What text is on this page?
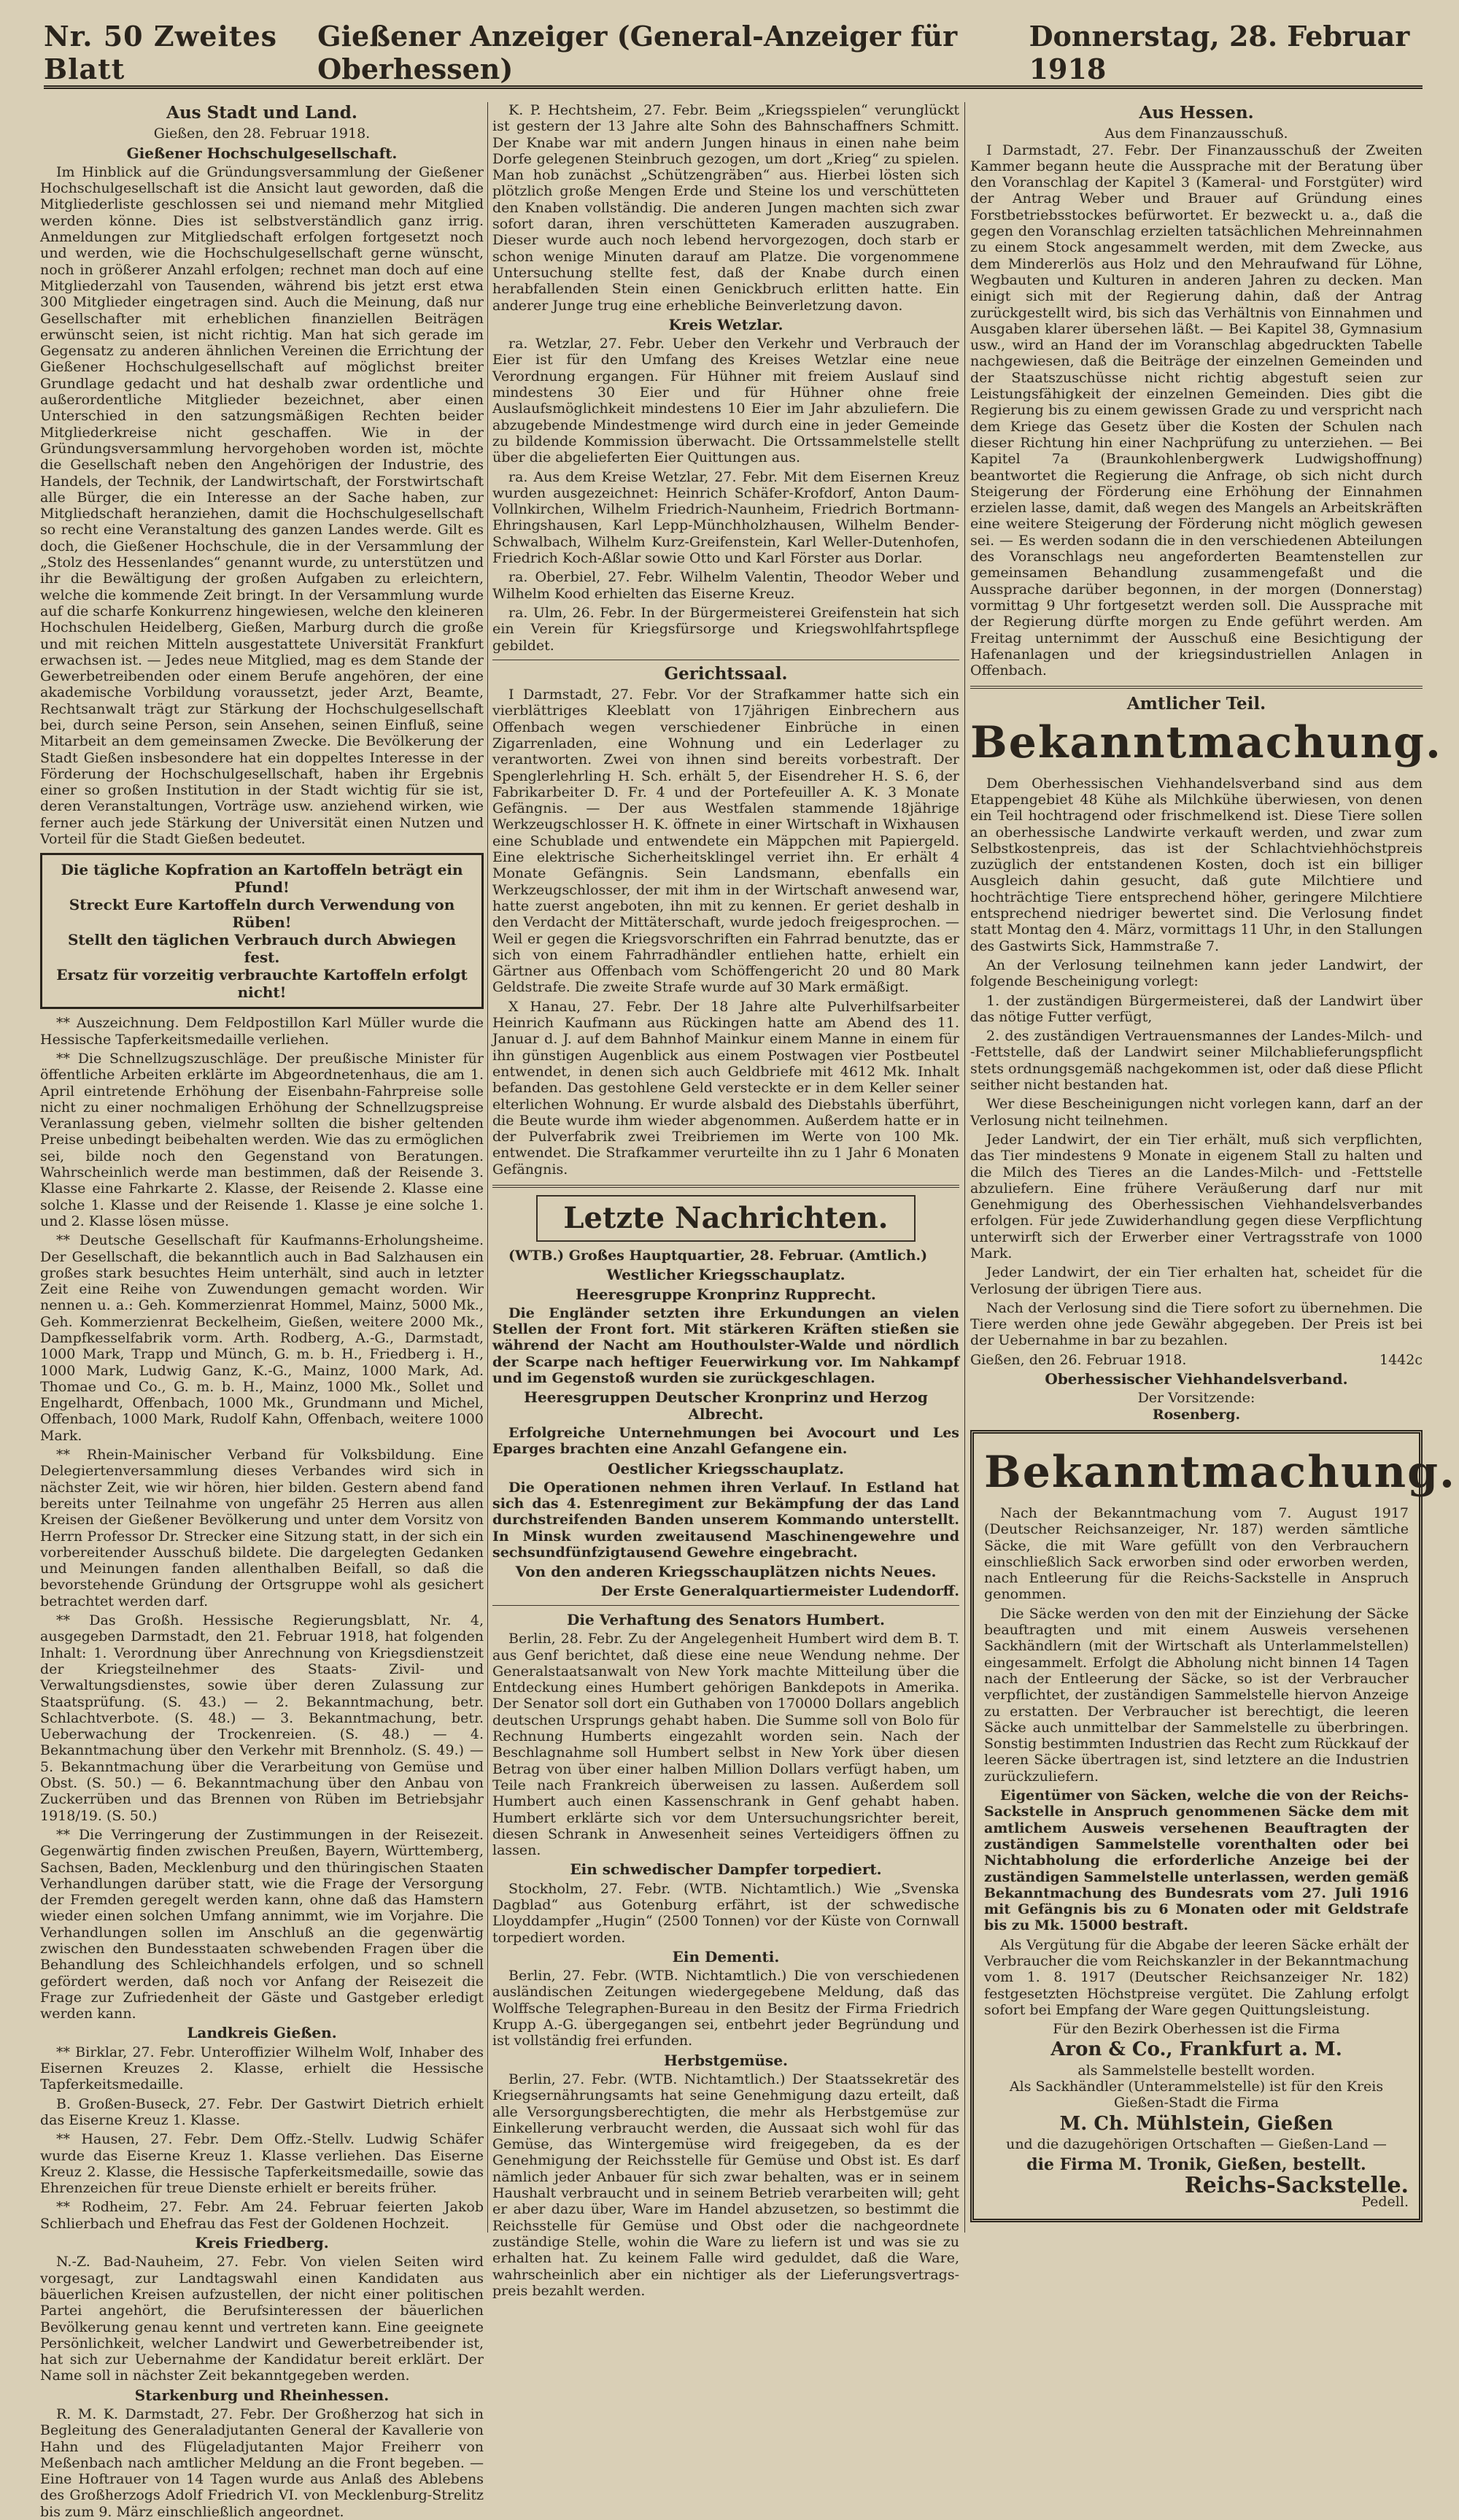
Nr. 50 Zweites Blatt
Gießener Anzeiger (General-Anzeiger für Oberhessen)
Donnerstag, 28. Februar 1918
Aus Stadt und Land.
Gießen, den 28. Februar 1918.
Gießener Hochschulgesellschaft.

Im Hinblick auf die Gründungsversammlung der Gießener Hochschulgesellschaft ist die Ansicht laut geworden, daß die Mitgliederliste geschlossen sei und niemand mehr Mitglied werden könne. Dies ist selbstverständlich ganz irrig. Anmeldungen zur Mitgliedschaft erfolgen fortgesetzt noch und werden, wie die Hochschulgesellschaft gerne wünscht, noch in größerer Anzahl erfolgen; rechnet man doch auf eine Mitgliederzahl von Tausenden, während bis jetzt erst etwa 300 Mitglieder eingetragen sind. Auch die Meinung, daß nur Gesellschafter mit erheblichen finanziellen Beiträgen erwünscht seien, ist nicht richtig. Man hat sich gerade im Gegensatz zu anderen ähnlichen Vereinen die Errichtung der Gießener Hochschulgesellschaft auf möglichst breiter Grundlage gedacht und hat deshalb zwar ordentliche und außerordentliche Mitglieder bezeichnet, aber einen Unterschied in den satzungsmäßigen Rechten beider Mitgliederkreise nicht geschaffen. Wie in der Gründungsversammlung hervorgehoben worden ist, möchte die Gesellschaft neben den Angehörigen der Industrie, des Handels, der Technik, der Landwirtschaft, der Forstwirtschaft alle Bürger, die ein Interesse an der Sache haben, zur Mitgliedschaft heranziehen, damit die Hochschulgesellschaft so recht eine Veranstaltung des ganzen Landes werde. Gilt es doch, die Gießener Hochschule, die in der Versammlung der „Stolz des Hessenlandes“ genannt wurde, zu unterstützen und ihr die Bewältigung der großen Aufgaben zu erleichtern, welche die kommende Zeit bringt. In der Versammlung wurde auf die scharfe Konkurrenz hingewiesen, welche den kleineren Hochschulen Heidelberg, Gießen, Marburg durch die große und mit reichen Mitteln ausgestattete Universität Frankfurt erwachsen ist. — Jedes neue Mitglied, mag es dem Stande der Gewerbetreibenden oder einem Berufe angehören, der eine akademische Vorbildung voraussetzt, jeder Arzt, Beamte, Rechtsanwalt trägt zur Stärkung der Hochschulgesellschaft bei, durch seine Person, sein Ansehen, seinen Einfluß, seine Mitarbeit an dem gemeinsamen Zwecke. Die Bevölkerung der Stadt Gießen insbesondere hat ein doppeltes Interesse in der Förderung der Hochschulgesellschaft, haben ihr Ergebnis einer so großen Institution in der Stadt wichtig für sie ist, deren Veranstaltungen, Vorträge usw. anziehend wirken, wie ferner auch jede Stärkung der Universität einen Nutzen und Vorteil für die Stadt Gießen bedeutet.

Die tägliche Kopfration an Kartoffeln beträgt ein Pfund!
Streckt Eure Kartoffeln durch Verwendung von Rüben!
Stellt den täglichen Verbrauch durch Abwiegen fest.
Ersatz für vorzeitig verbrauchte Kartoffeln erfolgt nicht!

** Auszeichnung. Dem Feldpostillon Karl Müller wurde die Hessische Tapferkeitsmedaille verliehen.

** Die Schnellzugszuschläge. Der preußische Minister für öffentliche Arbeiten erklärte im Abgeordnetenhaus, die am 1. April eintretende Erhöhung der Eisenbahn-Fahrpreise solle nicht zu einer nochmaligen Erhöhung der Schnellzugspreise Veranlassung geben, vielmehr sollten die bisher geltenden Preise unbedingt beibehalten werden. Wie das zu ermöglichen sei, bilde noch den Gegenstand von Beratungen. Wahrscheinlich werde man bestimmen, daß der Reisende 3. Klasse eine Fahrkarte 2. Klasse, der Reisende 2. Klasse eine solche 1. Klasse und der Reisende 1. Klasse je eine solche 1. und 2. Klasse lösen müsse.

** Deutsche Gesellschaft für Kaufmanns-Erholungsheime. Der Gesellschaft, die bekanntlich auch in Bad Salzhausen ein großes stark besuchtes Heim unterhält, sind auch in letzter Zeit eine Reihe von Zuwendungen gemacht worden. Wir nennen u. a.: Geh. Kommerzienrat Hommel, Mainz, 5000 Mk., Geh. Kommerzienrat Beckelheim, Gießen, weitere 2000 Mk., Dampfkesselfabrik vorm. Arth. Rodberg, A.-G., Darmstadt, 1000 Mark, Trapp und Münch, G. m. b. H., Friedberg i. H., 1000 Mark, Ludwig Ganz, K.-G., Mainz, 1000 Mark, Ad. Thomae und Co., G. m. b. H., Mainz, 1000 Mk., Sollet und Engelhardt, Offenbach, 1000 Mk., Grundmann und Michel, Offenbach, 1000 Mark, Rudolf Kahn, Offenbach, weitere 1000 Mark.

** Rhein-Mainischer Verband für Volksbildung. Eine Delegiertenversammlung dieses Verbandes wird sich in nächster Zeit, wie wir hören, hier bilden. Gestern abend fand bereits unter Teilnahme von ungefähr 25 Herren aus allen Kreisen der Gießener Bevölkerung und unter dem Vorsitz von Herrn Professor Dr. Strecker eine Sitzung statt, in der sich ein vorbereitender Ausschuß bildete. Die dargelegten Gedanken und Meinungen fanden allenthalben Beifall, so daß die bevorstehende Gründung der Ortsgruppe wohl als gesichert betrachtet werden darf.

** Das Großh. Hessische Regierungsblatt, Nr. 4, ausgegeben Darmstadt, den 21. Februar 1918, hat folgenden Inhalt: 1. Verordnung über Anrechnung von Kriegsdienstzeit der Kriegsteilnehmer des Staats- Zivil- und Verwaltungsdienstes, sowie über deren Zulassung zur Staatsprüfung. (S. 43.) — 2. Bekanntmachung, betr. Schlachtverbote. (S. 48.) — 3. Bekanntmachung, betr. Ueberwachung der Trockenreien. (S. 48.) — 4. Bekanntmachung über den Verkehr mit Brennholz. (S. 49.) — 5. Bekanntmachung über die Verarbeitung von Gemüse und Obst. (S. 50.) — 6. Bekanntmachung über den Anbau von Zuckerrüben und das Brennen von Rüben im Betriebsjahr 1918/19. (S. 50.)

** Die Verringerung der Zustimmungen in der Reisezeit. Gegenwärtig finden zwischen Preußen, Bayern, Württemberg, Sachsen, Baden, Mecklenburg und den thüringischen Staaten Verhandlungen darüber statt, wie die Frage der Versorgung der Fremden geregelt werden kann, ohne daß das Hamstern wieder einen solchen Umfang annimmt, wie im Vorjahre. Die Verhandlungen sollen im Anschluß an die gegenwärtig zwischen den Bundesstaaten schwebenden Fragen über die Behandlung des Schleichhandels erfolgen, und so schnell gefördert werden, daß noch vor Anfang der Reisezeit die Frage zur Zufriedenheit der Gäste und Gastgeber erledigt werden kann.

Landkreis Gießen.

** Birklar, 27. Febr. Unteroffizier Wilhelm Wolf, Inhaber des Eisernen Kreuzes 2. Klasse, erhielt die Hessische Tapferkeitsmedaille.

B. Großen-Buseck, 27. Febr. Der Gastwirt Dietrich erhielt das Eiserne Kreuz 1. Klasse.

** Hausen, 27. Febr. Dem Offz.-Stellv. Ludwig Schäfer wurde das Eiserne Kreuz 1. Klasse verliehen. Das Eiserne Kreuz 2. Klasse, die Hessische Tapferkeitsmedaille, sowie das Ehrenzeichen für treue Dienste erhielt er bereits früher.

** Rodheim, 27. Febr. Am 24. Februar feierten Jakob Schlierbach und Ehefrau das Fest der Goldenen Hochzeit.

Kreis Friedberg.

N.-Z. Bad-Nauheim, 27. Febr. Von vielen Seiten wird vorgesagt, zur Landtagswahl einen Kandidaten aus bäuerlichen Kreisen aufzustellen, der nicht einer politischen Partei angehört, die Berufsinteressen der bäuerlichen Bevölkerung genau kennt und vertreten kann. Eine geeignete Persönlichkeit, welcher Landwirt und Gewerbetreibender ist, hat sich zur Uebernahme der Kandidatur bereit erklärt. Der Name soll in nächster Zeit bekanntgegeben werden.

Starkenburg und Rheinhessen.

R. M. K. Darmstadt, 27. Febr. Der Großherzog hat sich in Begleitung des Generaladjutanten General der Kavallerie von Hahn und des Flügeladjutanten Major Freiherr von Meßenbach nach amtlicher Meldung an die Front begeben. — Eine Hoftrauer von 14 Tagen wurde aus Anlaß des Ablebens des Großherzogs Adolf Friedrich VI. von Mecklenburg-Strelitz bis zum 9. März einschließlich angeordnet.

K. P. Hechtsheim, 27. Febr. Beim „Kriegsspielen“ verunglückt ist gestern der 13 Jahre alte Sohn des Bahnschaffners Schmitt. Der Knabe war mit andern Jungen hinaus in einen nahe beim Dorfe gelegenen Steinbruch gezogen, um dort „Krieg“ zu spielen. Man hob zunächst „Schützengräben“ aus. Hierbei lösten sich plötzlich große Mengen Erde und Steine los und verschütteten den Knaben vollständig. Die anderen Jungen machten sich zwar sofort daran, ihren verschütteten Kameraden auszugraben. Dieser wurde auch noch lebend hervorgezogen, doch starb er schon wenige Minuten darauf am Platze. Die vorgenommene Untersuchung stellte fest, daß der Knabe durch einen herabfallenden Stein einen Genickbruch erlitten hatte. Ein anderer Junge trug eine erhebliche Beinverletzung davon.

Kreis Wetzlar.

ra. Wetzlar, 27. Febr. Ueber den Verkehr und Verbrauch der Eier ist für den Umfang des Kreises Wetzlar eine neue Verordnung ergangen. Für Hühner mit freiem Auslauf sind mindestens 30 Eier und für Hühner ohne freie Auslaufsmöglichkeit mindestens 10 Eier im Jahr abzuliefern. Die abzugebende Mindestmenge wird durch eine in jeder Gemeinde zu bildende Kommission überwacht. Die Ortssammelstelle stellt über die abgelieferten Eier Quittungen aus.

ra. Aus dem Kreise Wetzlar, 27. Febr. Mit dem Eisernen Kreuz wurden ausgezeichnet: Heinrich Schäfer-Krofdorf, Anton Daum-Vollnkirchen, Wilhelm Friedrich-Naunheim, Friedrich Bortmann-Ehringshausen, Karl Lepp-Münchholzhausen, Wilhelm Bender-Schwalbach, Wilhelm Kurz-Greifenstein, Karl Weller-Dutenhofen, Friedrich Koch-Aßlar sowie Otto und Karl Förster aus Dorlar.

ra. Oberbiel, 27. Febr. Wilhelm Valentin, Theodor Weber und Wilhelm Kood erhielten das Eiserne Kreuz.

ra. Ulm, 26. Febr. In der Bürgermeisterei Greifenstein hat sich ein Verein für Kriegsfürsorge und Kriegswohlfahrtspflege gebildet.

Gerichtssaal.

I Darmstadt, 27. Febr. Vor der Strafkammer hatte sich ein vierblättriges Kleeblatt von 17jährigen Einbrechern aus Offenbach wegen verschiedener Einbrüche in einen Zigarrenladen, eine Wohnung und ein Lederlager zu verantworten. Zwei von ihnen sind bereits vorbestraft. Der Spenglerlehrling H. Sch. erhält 5, der Eisendreher H. S. 6, der Fabrikarbeiter D. Fr. 4 und der Portefeuiller A. K. 3 Monate Gefängnis. — Der aus Westfalen stammende 18jährige Werkzeugschlosser H. K. öffnete in einer Wirtschaft in Wixhausen eine Schublade und entwendete ein Mäppchen mit Papiergeld. Eine elektrische Sicherheitsklingel verriet ihn. Er erhält 4 Monate Gefängnis. Sein Landsmann, ebenfalls ein Werkzeugschlosser, der mit ihm in der Wirtschaft anwesend war, hatte zuerst angeboten, ihn mit zu kennen. Er geriet deshalb in den Verdacht der Mittäterschaft, wurde jedoch freigesprochen. — Weil er gegen die Kriegsvorschriften ein Fahrrad benutzte, das er sich von einem Fahrradhändler entliehen hatte, erhielt ein Gärtner aus Offenbach vom Schöffengericht 20 und 80 Mark Geldstrafe. Die zweite Strafe wurde auf 30 Mark ermäßigt.

X Hanau, 27. Febr. Der 18 Jahre alte Pulverhilfsarbeiter Heinrich Kaufmann aus Rückingen hatte am Abend des 11. Januar d. J. auf dem Bahnhof Mainkur einem Manne in einem für ihn günstigen Augenblick aus einem Postwagen vier Postbeutel entwendet, in denen sich auch Geldbriefe mit 4612 Mk. Inhalt befanden. Das gestohlene Geld versteckte er in dem Keller seiner elterlichen Wohnung. Er wurde alsbald des Diebstahls überführt, die Beute wurde ihm wieder abgenommen. Außerdem hatte er in der Pulverfabrik zwei Treibriemen im Werte von 100 Mk. entwendet. Die Strafkammer verurteilte ihn zu 1 Jahr 6 Monaten Gefängnis.

Letzte Nachrichten.

(WTB.) Großes Hauptquartier, 28. Februar. (Amtlich.)

Westlicher Kriegsschauplatz.
Heeresgruppe Kronprinz Rupprecht.

Die Engländer setzten ihre Erkundungen an vielen Stellen der Front fort. Mit stärkeren Kräften stießen sie während der Nacht am Houthoulster-Walde und nördlich der Scarpe nach heftiger Feuerwirkung vor. Im Nahkampf und im Gegenstoß wurden sie zurückgeschlagen.

Heeresgruppen Deutscher Kronprinz und Herzog Albrecht.

Erfolgreiche Unternehmungen bei Avocourt und Les Eparges brachten eine Anzahl Gefangene ein.

Oestlicher Kriegsschauplatz.

Die Operationen nehmen ihren Verlauf. In Estland hat sich das 4. Estenregiment zur Bekämpfung der das Land durchstreifenden Banden unserem Kommando unterstellt. In Minsk wurden zweitausend Maschinengewehre und sechsundfünfzigtausend Gewehre eingebracht.

Von den anderen Kriegsschauplätzen nichts Neues.
Der Erste Generalquartiermeister Ludendorff.
Die Verhaftung des Senators Humbert.

Berlin, 28. Febr. Zu der Angelegenheit Humbert wird dem B. T. aus Genf berichtet, daß diese eine neue Wendung nehme. Der Generalstaatsanwalt von New York machte Mitteilung über die Entdeckung eines Humbert gehörigen Bankdepots in Amerika. Der Senator soll dort ein Guthaben von 170000 Dollars angeblich deutschen Ursprungs gehabt haben. Die Summe soll von Bolo für Rechnung Humberts eingezahlt worden sein. Nach der Beschlagnahme soll Humbert selbst in New York über diesen Betrag von über einer halben Million Dollars verfügt haben, um Teile nach Frankreich überweisen zu lassen. Außerdem soll Humbert auch einen Kassenschrank in Genf gehabt haben. Humbert erklärte sich vor dem Untersuchungsrichter bereit, diesen Schrank in Anwesenheit seines Verteidigers öffnen zu lassen.

Ein schwedischer Dampfer torpediert.

Stockholm, 27. Febr. (WTB. Nichtamtlich.) Wie „Svenska Dagblad“ aus Gotenburg erfährt, ist der schwedische Lloyddampfer „Hugin“ (2500 Tonnen) vor der Küste von Cornwall torpediert worden.

Ein Dementi.

Berlin, 27. Febr. (WTB. Nichtamtlich.) Die von verschiedenen ausländischen Zeitungen wiedergegebene Meldung, daß das Wolffsche Telegraphen-Bureau in den Besitz der Firma Friedrich Krupp A.-G. übergegangen sei, entbehrt jeder Begründung und ist vollständig frei erfunden.

Herbstgemüse.

Berlin, 27. Febr. (WTB. Nichtamtlich.) Der Staatssekretär des Kriegsernährungsamts hat seine Genehmigung dazu erteilt, daß alle Versorgungsberechtigten, die mehr als Herbstgemüse zur Einkellerung verbraucht werden, die Aussaat sich wohl für das Gemüse, das Wintergemüse wird freigegeben, da es der Genehmigung der Reichsstelle für Gemüse und Obst ist. Es darf nämlich jeder Anbauer für sich zwar behalten, was er in seinem Haushalt verbraucht und in seinem Betrieb verarbeiten will; geht er aber dazu über, Ware im Handel abzusetzen, so bestimmt die Reichsstelle für Gemüse und Obst oder die nachgeordnete zuständige Stelle, wohin die Ware zu liefern ist und was sie zu erhalten hat. Zu keinem Falle wird geduldet, daß die Ware, wahrscheinlich aber ein nichtiger als der Lieferungsvertrags-preis bezahlt werden.

Aus Hessen.
Aus dem Finanzausschuß.

I Darmstadt, 27. Febr. Der Finanzausschuß der Zweiten Kammer begann heute die Aussprache mit der Beratung über den Voranschlag der Kapitel 3 (Kameral- und Forstgüter) wird der Antrag Weber und Brauer auf Gründung eines Forstbetriebsstockes befürwortet. Er bezweckt u. a., daß die gegen den Voranschlag erzielten tatsächlichen Mehreinnahmen zu einem Stock angesammelt werden, mit dem Zwecke, aus dem Mindererlös aus Holz und den Mehraufwand für Löhne, Wegbauten und Kulturen in anderen Jahren zu decken. Man einigt sich mit der Regierung dahin, daß der Antrag zurückgestellt wird, bis sich das Verhältnis von Einnahmen und Ausgaben klarer übersehen läßt. — Bei Kapitel 38, Gymnasium usw., wird an Hand der im Voranschlag abgedruckten Tabelle nachgewiesen, daß die Beiträge der einzelnen Gemeinden und der Staatszuschüsse nicht richtig abgestuft seien zur Leistungsfähigkeit der einzelnen Gemeinden. Dies gibt die Regierung bis zu einem gewissen Grade zu und verspricht nach dem Kriege das Gesetz über die Kosten der Schulen nach dieser Richtung hin einer Nachprüfung zu unterziehen. — Bei Kapitel 7a (Braunkohlenbergwerk Ludwigshoffnung) beantwortet die Regierung die Anfrage, ob sich nicht durch Steigerung der Förderung eine Erhöhung der Einnahmen erzielen lasse, damit, daß wegen des Mangels an Arbeitskräften eine weitere Steigerung der Förderung nicht möglich gewesen sei. — Es werden sodann die in den verschiedenen Abteilungen des Voranschlags neu angeforderten Beamtenstellen zur gemeinsamen Behandlung zusammengefaßt und die Aussprache darüber begonnen, in der morgen (Donnerstag) vormittag 9 Uhr fortgesetzt werden soll. Die Aussprache mit der Regierung dürfte morgen zu Ende geführt werden. Am Freitag unternimmt der Ausschuß eine Besichtigung der Hafenanlagen und der kriegsindustriellen Anlagen in Offenbach.

Amtlicher Teil.
Bekanntmachung.

Dem Oberhessischen Viehhandelsverband sind aus dem Etappengebiet 48 Kühe als Milchkühe überwiesen, von denen ein Teil hochtragend oder frischmelkend ist. Diese Tiere sollen an oberhessische Landwirte verkauft werden, und zwar zum Selbstkostenpreis, das ist der Schlachtviehhöchstpreis zuzüglich der entstandenen Kosten, doch ist ein billiger Ausgleich dahin gesucht, daß gute Milchtiere und hochträchtige Tiere entsprechend höher, geringere Milchtiere entsprechend niedriger bewertet sind. Die Verlosung findet statt Montag den 4. März, vormittags 11 Uhr, in den Stallungen des Gastwirts Sick, Hammstraße 7.

An der Verlosung teilnehmen kann jeder Landwirt, der folgende Bescheinigung vorlegt:

1. der zuständigen Bürgermeisterei, daß der Landwirt über das nötige Futter verfügt,

2. des zuständigen Vertrauensmannes der Landes-Milch- und -Fettstelle, daß der Landwirt seiner Milchablieferungspflicht stets ordnungsgemäß nachgekommen ist, oder daß diese Pflicht seither nicht bestanden hat.

Wer diese Bescheinigungen nicht vorlegen kann, darf an der Verlosung nicht teilnehmen.

Jeder Landwirt, der ein Tier erhält, muß sich verpflichten, das Tier mindestens 9 Monate in eigenem Stall zu halten und die Milch des Tieres an die Landes-Milch- und -Fettstelle abzuliefern. Eine frühere Veräußerung darf nur mit Genehmigung des Oberhessischen Viehhandelsverbandes erfolgen. Für jede Zuwiderhandlung gegen diese Verpflichtung unterwirft sich der Erwerber einer Vertragsstrafe von 1000 Mark.

Jeder Landwirt, der ein Tier erhalten hat, scheidet für die Verlosung der übrigen Tiere aus.

Nach der Verlosung sind die Tiere sofort zu übernehmen. Die Tiere werden ohne jede Gewähr abgegeben. Der Preis ist bei der Uebernahme in bar zu bezahlen.

Gießen, den 26. Februar 1918.	1442c
Oberhessischer Viehhandelsverband.
Der Vorsitzende:
Rosenberg.
Bekanntmachung.

Nach der Bekanntmachung vom 7. August 1917 (Deutscher Reichsanzeiger, Nr. 187) werden sämtliche Säcke, die mit Ware gefüllt von den Verbrauchern einschließlich Sack erworben sind oder erworben werden, nach Entleerung für die Reichs-Sackstelle in Anspruch genommen.

Die Säcke werden von den mit der Einziehung der Säcke beauftragten und mit einem Ausweis versehenen Sackhändlern (mit der Wirtschaft als Unterlammelstellen) eingesammelt. Erfolgt die Abholung nicht binnen 14 Tagen nach der Entleerung der Säcke, so ist der Verbraucher verpflichtet, der zuständigen Sammelstelle hiervon Anzeige zu erstatten. Der Verbraucher ist berechtigt, die leeren Säcke auch unmittelbar der Sammelstelle zu überbringen. Sonstig bestimmten Industrien das Recht zum Rückkauf der leeren Säcke übertragen ist, sind letztere an die Industrien zurückzuliefern.

Eigentümer von Säcken, welche die von der Reichs-Sackstelle in Anspruch genommenen Säcke dem mit amtlichem Ausweis versehenen Beauftragten der zuständigen Sammelstelle vorenthalten oder bei Nichtabholung die erforderliche Anzeige bei der zuständigen Sammelstelle unterlassen, werden gemäß Bekanntmachung des Bundesrats vom 27. Juli 1916 mit Gefängnis bis zu 6 Monaten oder mit Geldstrafe bis zu Mk. 15000 bestraft.

Als Vergütung für die Abgabe der leeren Säcke erhält der Verbraucher die vom Reichskanzler in der Bekanntmachung vom 1. 8. 1917 (Deutscher Reichsanzeiger Nr. 182) festgesetzten Höchstpreise vergütet. Die Zahlung erfolgt sofort bei Empfang der Ware gegen Quittungsleistung.

Für den Bezirk Oberhessen ist die Firma
Aron & Co., Frankfurt a. M.
als Sammelstelle bestellt worden.
Als Sackhändler (Unterammelstelle) ist für den Kreis Gießen-Stadt die Firma
M. Ch. Mühlstein, Gießen
und die dazugehörigen Ortschaften — Gießen-Land —
die Firma M. Tronik, Gießen, bestellt.
Reichs-Sackstelle.
Pedell.
